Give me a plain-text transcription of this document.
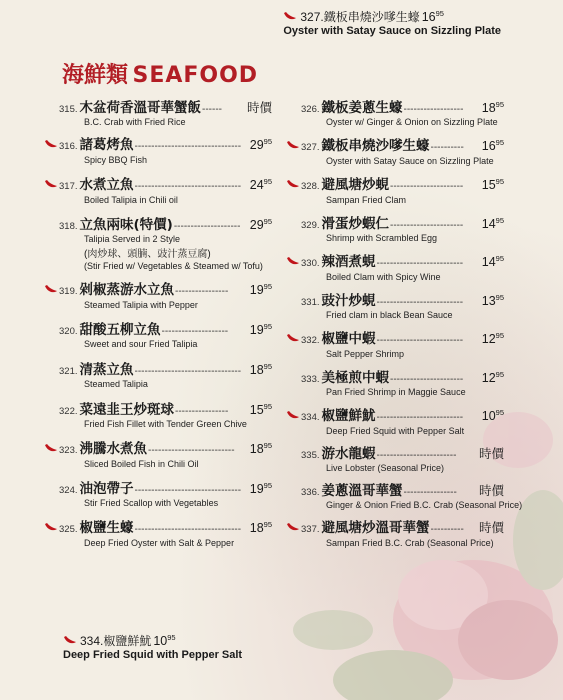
327.鐵板串燒沙嗲生蠔 $16^{95}$
Oyster with Satay Sauce on Sizzling Plate
海鮮類 SEAFOOD
315. 木盆荷香溫哥華蟹飯 ------	時價
B.C. Crab with Fried Rice
316. 諸葛烤魚 -------------------------------- $29^{95}$
Spicy BBQ Fish
317. 水煮立魚 -------------------------------- $24^{95}$
Boiled Talipia in Chili oil
318. 立魚兩味(特價) -------------------- $29^{95}$
Talipia Served in 2 Style
(肉炒球、頭腩、豉汁蒸豆腐)
(Stir Fried w/ Vegetables & Steamed w/ Tofu)
319. 剁椒蒸游水立魚 ----------------	$19^{95}$
Steamed Talipia with Pepper
320. 甜酸五柳立魚 --------------------	$19^{95}$
Sweet and sour Fried Talipia
321. 清蒸立魚 -------------------------------- $18^{95}$
Steamed Talipia
322. 菜遠韭王炒斑球 ----------------	$15^{95}$
Fried Fish Fillet with Tender Green Chive
323. 沸騰水煮魚 --------------------------	$18^{95}$
Sliced Boiled Fish in Chili Oil
324. 油泡帶子 -------------------------------- $19^{95}$
Stir Fried Scallop with Vegetables
325. 椒鹽生蠔 -------------------------------- $18^{95}$
Deep Fried Oyster with Salt & Pepper
326. 鐵板姜蔥生蠔 ------------------	$18^{95}$
Oyster w/ Ginger & Onion on Sizzling Plate
327. 鐵板串燒沙嗲生蠔 ----------	$16^{95}$
Oyster with Satay Sauce on Sizzling Plate
328. 避風塘炒蜆 ----------------------	$15^{95}$
Sampan Fried Clam
329. 滑蛋炒蝦仁 ----------------------	$14^{95}$
Shrimp with Scrambled Egg
330. 辣酒煮蜆 --------------------------	$14^{95}$
Boiled Clam with Spicy Wine
331. 豉汁炒蜆 --------------------------	$13^{95}$
Fried clam in black Bean Sauce
332. 椒鹽中蝦 --------------------------	$12^{95}$
Salt Pepper Shrimp
333. 美極煎中蝦 ----------------------	$12^{95}$
Pan Fried Shrimp in Maggie Sauce
334. 椒鹽鮮魷 --------------------------	$10^{95}$
Deep Fried Squid with Pepper Salt
335. 游水龍蝦 ------------------------	時價
Live Lobster (Seasonal Price)
336. 姜蔥溫哥華蟹 ----------------	時價
Ginger & Onion Fried B.C. Crab (Seasonal Price)
337. 避風塘炒溫哥華蟹 ----------	時價
Sampan Fried B.C. Crab (Seasonal Price)
334.椒鹽鮮魷 $10^{95}$
Deep Fried Squid with Pepper Salt
